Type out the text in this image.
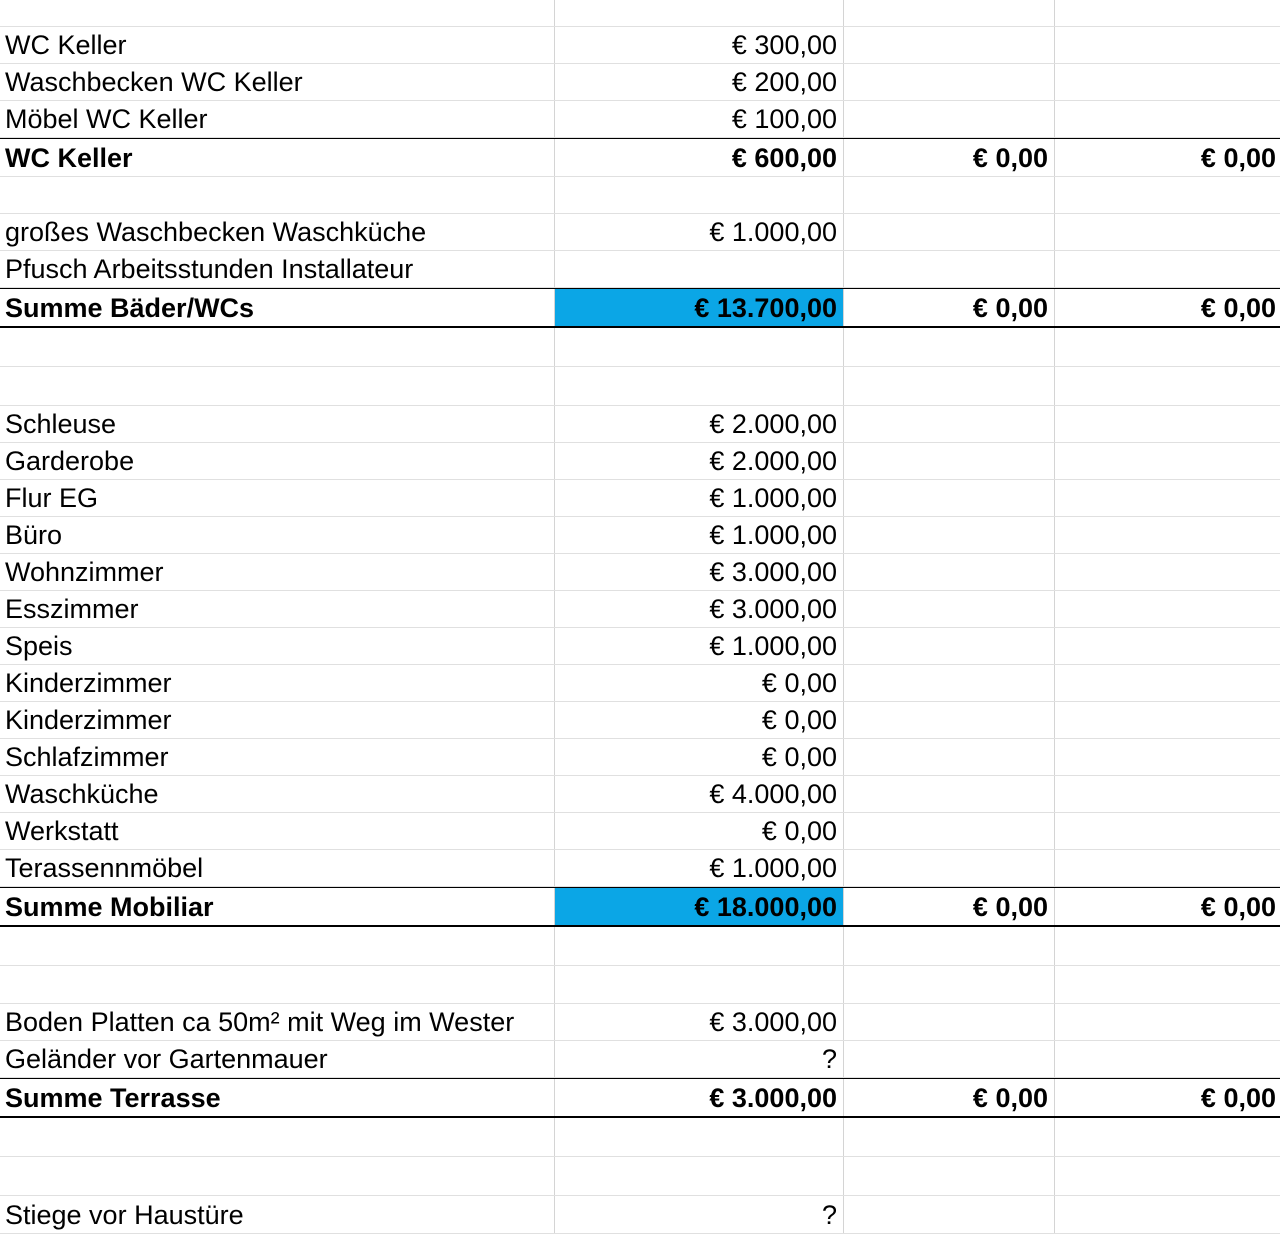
WC Keller	€ 300,00
Waschbecken WC Keller	€ 200,00
Möbel WC Keller	€ 100,00
WC Keller	€ 600,00	€ 0,00	€ 0,00
großes Waschbecken Waschküche	€ 1.000,00
Pfusch Arbeitsstunden Installateur
Summe Bäder/WCs	€ 13.700,00	€ 0,00	€ 0,00
Schleuse	€ 2.000,00
Garderobe	€ 2.000,00
Flur EG	€ 1.000,00
Büro	€ 1.000,00
Wohnzimmer	€ 3.000,00
Esszimmer	€ 3.000,00
Speis	€ 1.000,00
Kinderzimmer	€ 0,00
Kinderzimmer	€ 0,00
Schlafzimmer	€ 0,00
Waschküche	€ 4.000,00
Werkstatt	€ 0,00
Terassennmöbel	€ 1.000,00
Summe Mobiliar	€ 18.000,00	€ 0,00	€ 0,00
Boden Platten ca 50m² mit Weg im Wester	€ 3.000,00
Geländer vor Gartenmauer	?
Summe Terrasse	€ 3.000,00	€ 0,00	€ 0,00
Stiege vor Haustüre	?
